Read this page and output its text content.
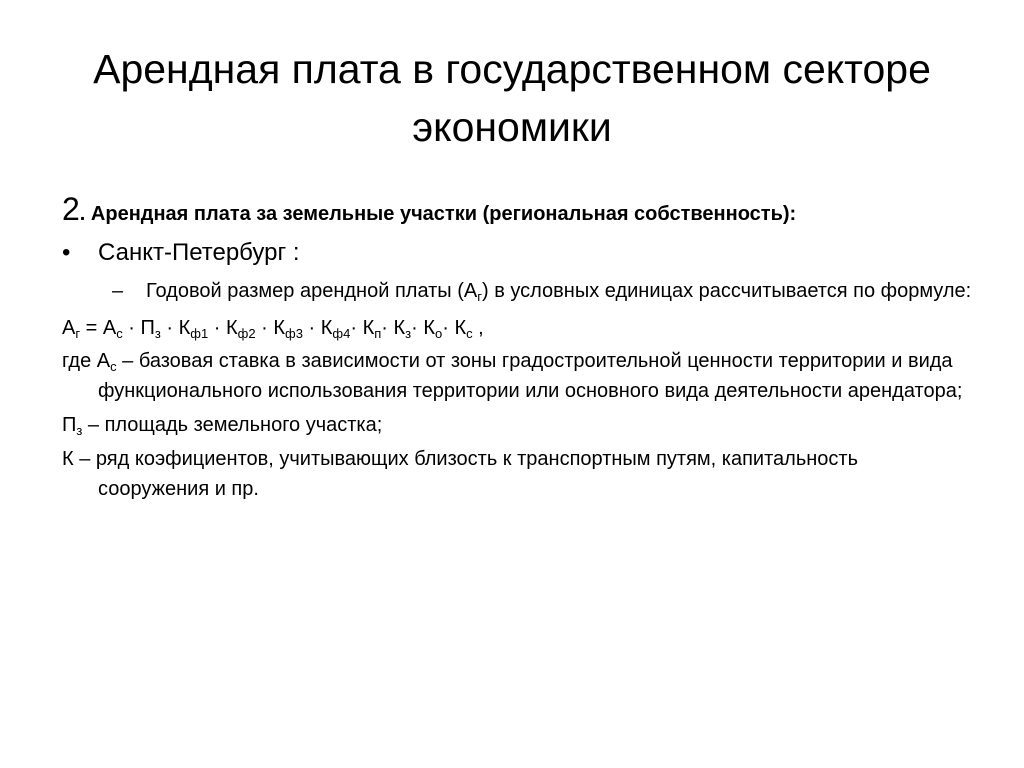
Арендная плата в государственном секторе экономики

2. Арендная плата за земельные участки (региональная собственность):

• Санкт-Петербург :

– Годовой размер арендной платы $(А_г)$ в условных единицах рассчитывается по формуле:

$А_г = А_с \cdot П_з \cdot К_{ф1} \cdot К_{ф2} \cdot К_{ф3} \cdot К_{ф4}\cdot К_п\cdot К_з\cdot К_о\cdot К_с$ ,

где $А_с$ – базовая ставка в зависимости от зоны градостроительной ценности территории и вида функционального использования территории или основного вида деятельности арендатора;

$П_з$ – площадь земельного участка;

К – ряд коэфициентов, учитывающих близость к транспортным путям, капитальность сооружения и пр.
